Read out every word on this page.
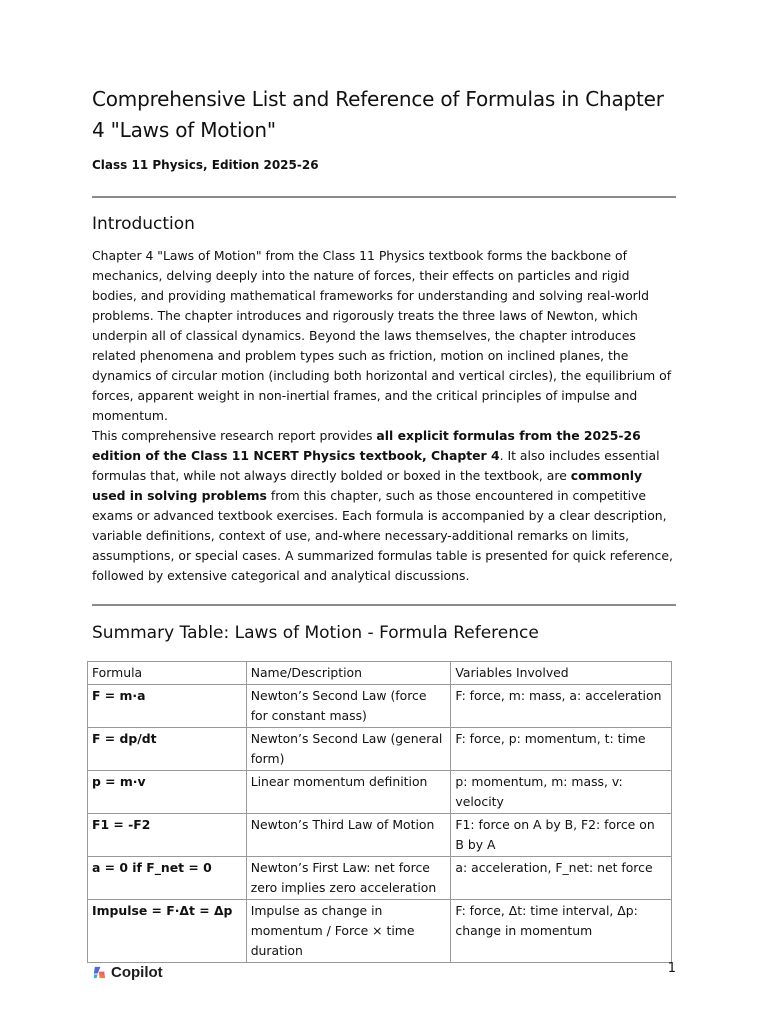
Comprehensive List and Reference of Formulas in Chapter 4 "Laws of Motion"

Class 11 Physics, Edition 2025-26

Introduction

Chapter 4 "Laws of Motion" from the Class 11 Physics textbook forms the backbone of mechanics, delving deeply into the nature of forces, their effects on particles and rigid bodies, and providing mathematical frameworks for understanding and solving real-world problems. The chapter introduces and rigorously treats the three laws of Newton, which underpin all of classical dynamics. Beyond the laws themselves, the chapter introduces related phenomena and problem types such as friction, motion on inclined planes, the dynamics of circular motion (including both horizontal and vertical circles), the equilibrium of forces, apparent weight in non-inertial frames, and the critical principles of impulse and momentum.

This comprehensive research report provides all explicit formulas from the 2025-26 edition of the Class 11 NCERT Physics textbook, Chapter 4. It also includes essential formulas that, while not always directly bolded or boxed in the textbook, are commonly used in solving problems from this chapter, such as those encountered in competitive exams or advanced textbook exercises. Each formula is accompanied by a clear description, variable definitions, context of use, and-where necessary-additional remarks on limits, assumptions, or special cases. A summarized formulas table is presented for quick reference, followed by extensive categorical and analytical discussions.

Summary Table: Laws of Motion - Formula Reference
Formula	Name/Description	Variables Involved
F = m·a	Newton’s Second Law (force for constant mass)	F: force, m: mass, a: acceleration
F = dp/dt	Newton’s Second Law (general form)	F: force, p: momentum, t: time
p = m·v	Linear momentum definition	p: momentum, m: mass, v: velocity
F1 = -F2	Newton’s Third Law of Motion	F1: force on A by B, F2: force on B by A
a = 0 if F_net = 0	Newton’s First Law: net force zero implies zero acceleration	a: acceleration, F_net: net force
Impulse = F·Δt = Δp	Impulse as change in momentum / Force × time duration	F: force, Δt: time interval, Δp: change in momentum
Copilot	1
